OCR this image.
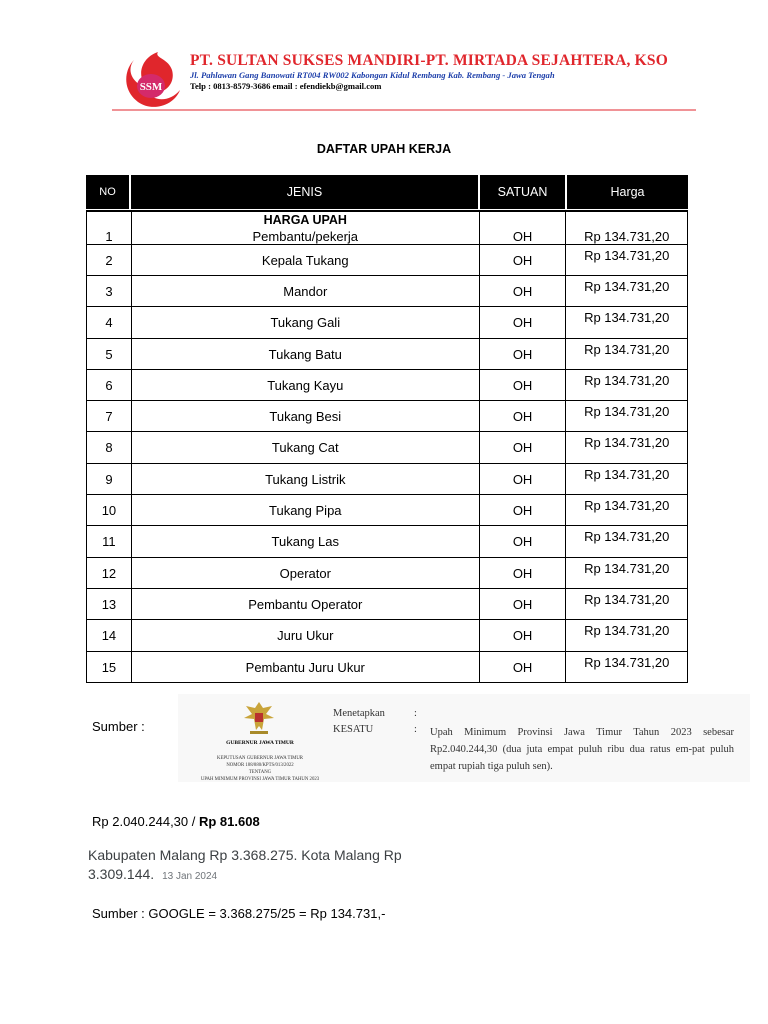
SSM
PT. SULTAN SUKSES MANDIRI-PT. MIRTADA SEJAHTERA, KSO
Jl. Pahlawan Gang Banowati RT004 RW002 Kabongan Kidul Rembang Kab. Rembang - Jawa Tengah
Telp : 0813-8579-3686 email : efendiekb@gmail.com
DAFTAR UPAH KERJA
NO	JENIS	SATUAN	Harga
HARGA UPAH
1	Pembantu/pekerja	OH	Rp 134.731,20
2	Kepala Tukang	OH	Rp 134.731,20
3	Mandor	OH	Rp 134.731,20
4	Tukang Gali	OH	Rp 134.731,20
5	Tukang Batu	OH	Rp 134.731,20
6	Tukang Kayu	OH	Rp 134.731,20
7	Tukang Besi	OH	Rp 134.731,20
8	Tukang Cat	OH	Rp 134.731,20
9	Tukang Listrik	OH	Rp 134.731,20
10	Tukang Pipa	OH	Rp 134.731,20
11	Tukang Las	OH	Rp 134.731,20
12	Operator	OH	Rp 134.731,20
13	Pembantu Operator	OH	Rp 134.731,20
14	Juru Ukur	OH	Rp 134.731,20
15	Pembantu Juru Ukur	OH	Rp 134.731,20
Sumber :
GUBERNUR JAWA TIMUR
KEPUTUSAN GUBERNUR JAWA TIMUR
NOMOR 188/880/KPTS/013/2022
TENTANG
UPAH MINIMUM PROVINSI JAWA TIMUR TAHUN 2023
Menetapkan
KESATU
:
: Upah Minimum Provinsi Jawa Timur Tahun 2023 sebesar Rp2.040.244,30 (dua juta empat puluh ribu dua ratus em-pat puluh empat rupiah tiga puluh sen).
Rp 2.040.244,30 / Rp 81.608
Kabupaten Malang Rp 3.368.275. Kota Malang Rp 3.309.144. 13 Jan 2024
Sumber : GOOGLE = 3.368.275/25 = Rp 134.731,-
